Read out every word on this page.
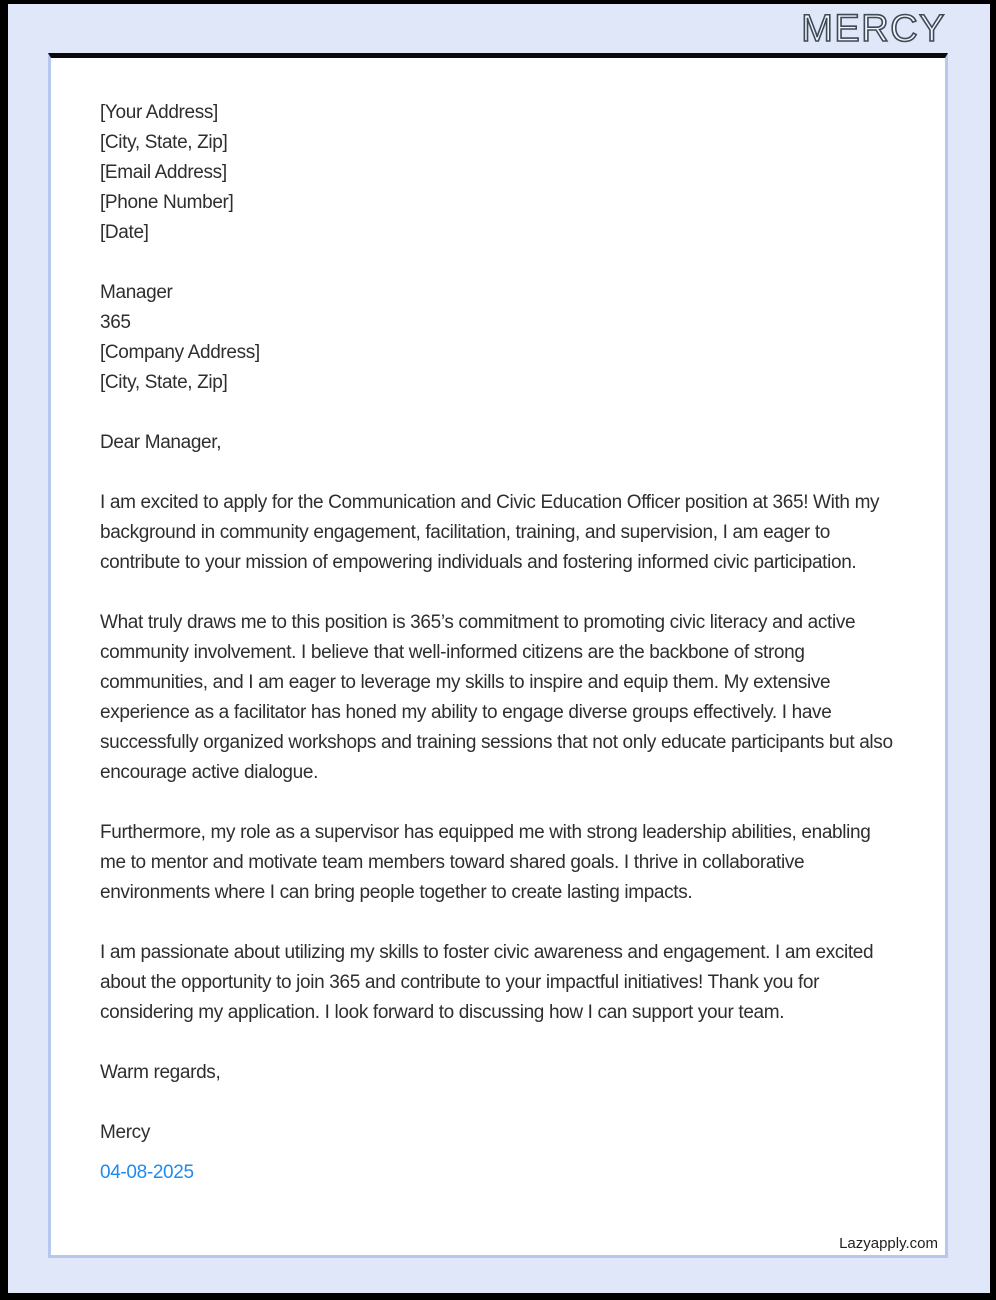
MERCY
[Your Address]
[City, State, Zip]
[Email Address]
[Phone Number]
[Date]
Manager
365
[Company Address]
[City, State, Zip]

Dear Manager,

I am excited to apply for the Communication and Civic Education Officer position at 365! With my background in community engagement, facilitation, training, and supervision, I am eager to contribute to your mission of empowering individuals and fostering informed civic participation.

What truly draws me to this position is 365’s commitment to promoting civic literacy and active community involvement. I believe that well-informed citizens are the backbone of strong communities, and I am eager to leverage my skills to inspire and equip them. My extensive experience as a facilitator has honed my ability to engage diverse groups effectively. I have successfully organized workshops and training sessions that not only educate participants but also encourage active dialogue.

Furthermore, my role as a supervisor has equipped me with strong leadership abilities, enabling me to mentor and motivate team members toward shared goals. I thrive in collaborative environments where I can bring people together to create lasting impacts.

I am passionate about utilizing my skills to foster civic awareness and engagement. I am excited about the opportunity to join 365 and contribute to your impactful initiatives! Thank you for considering my application. I look forward to discussing how I can support your team.

Warm regards,

Mercy

04-08-2025

Lazyapply.com
